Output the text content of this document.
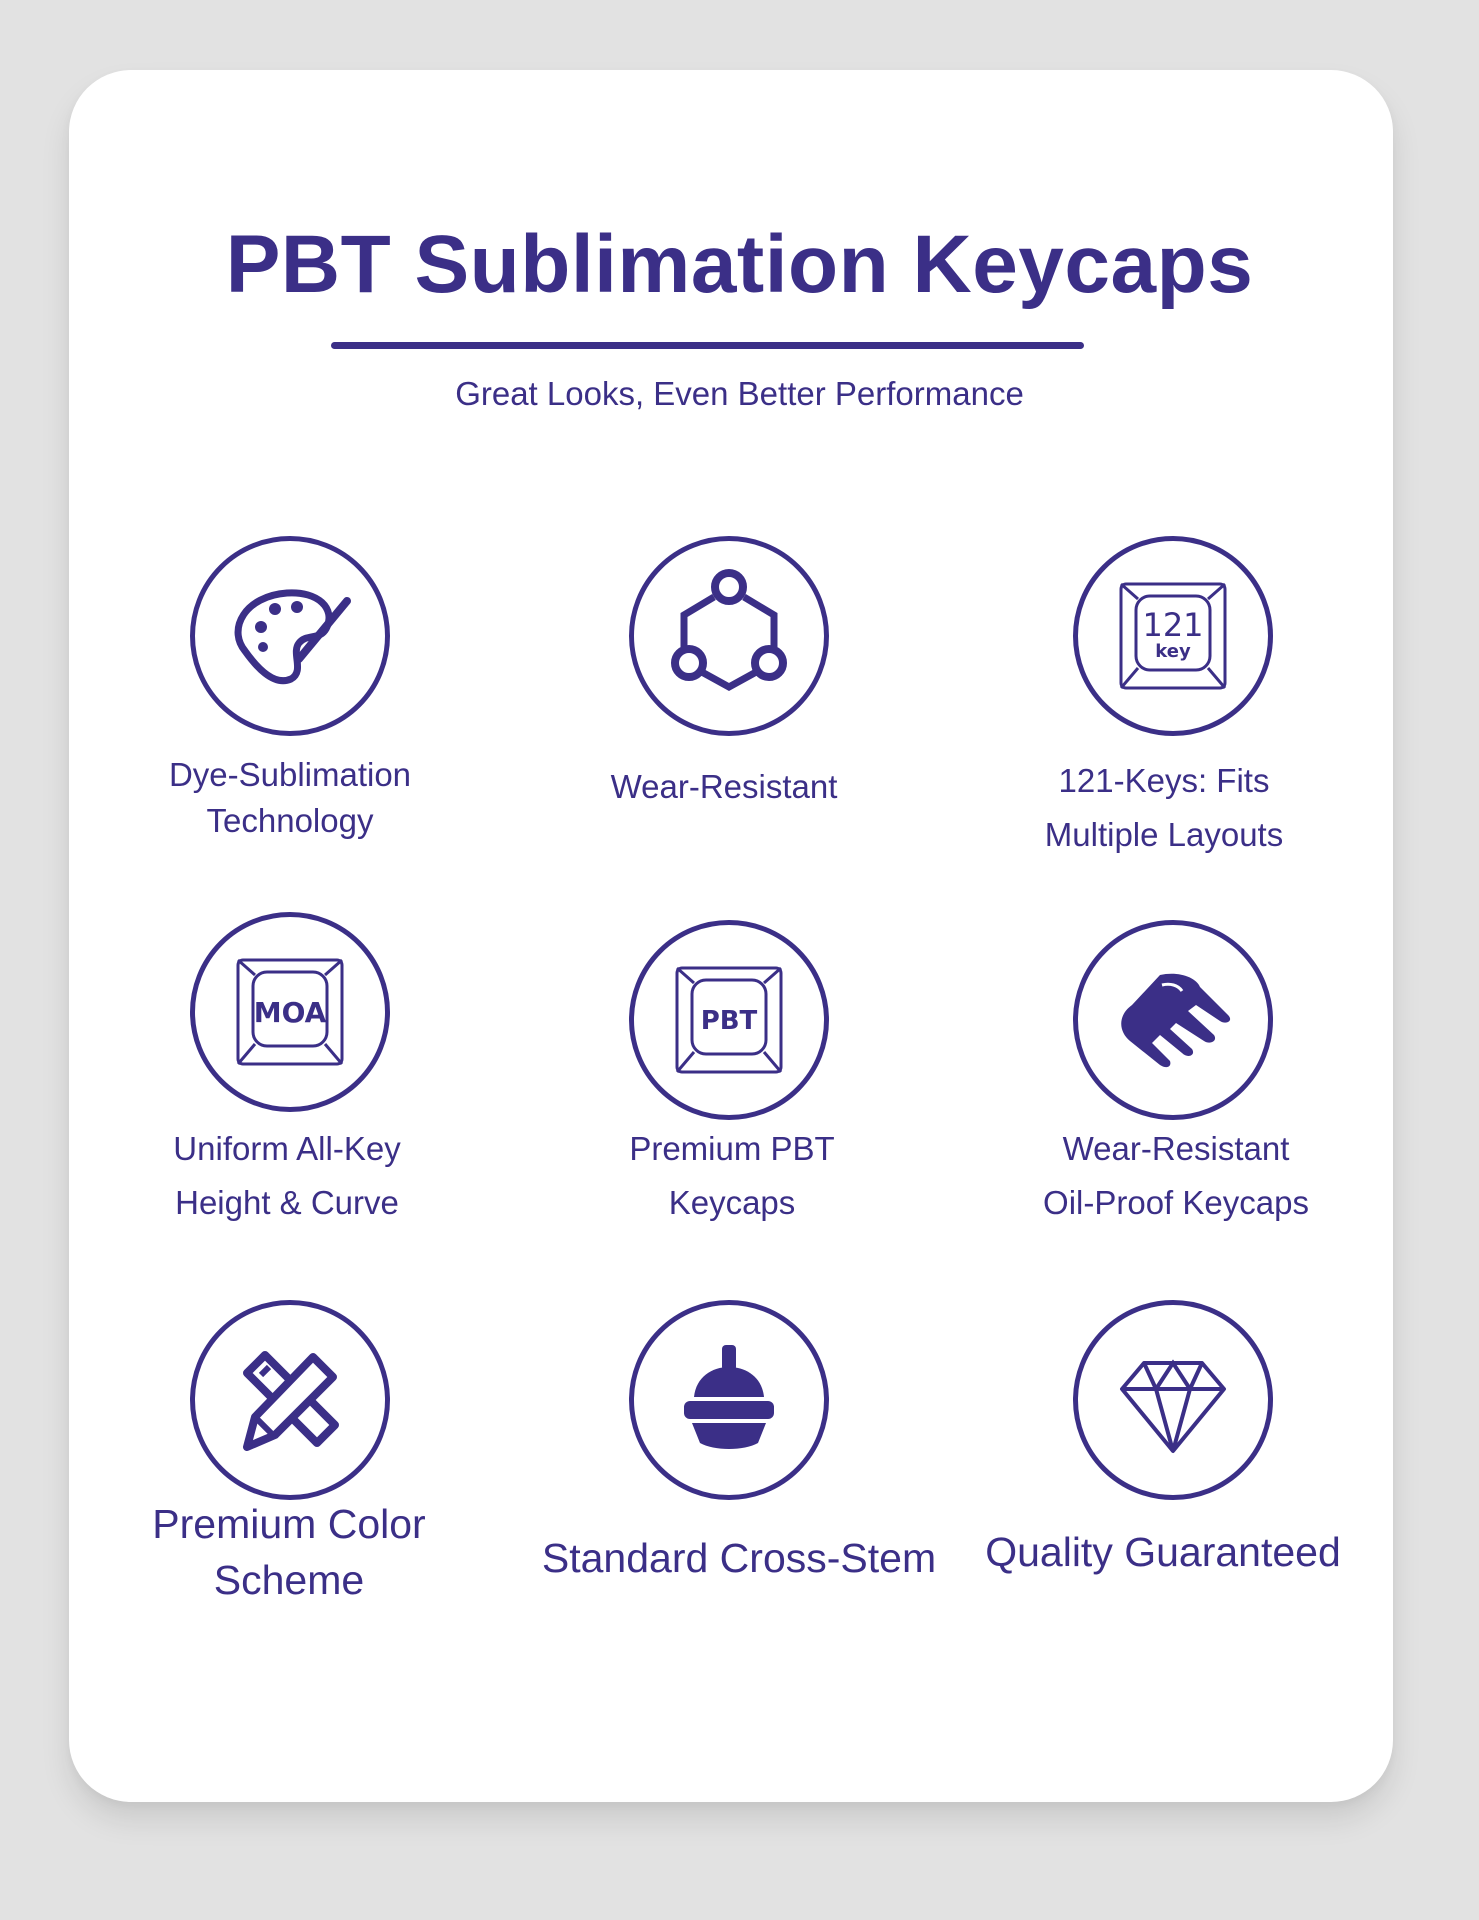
PBT Sublimation Keycaps
Great Looks, Even Better Performance
Dye-Sublimation
Technology
Wear-Resistant
121
key
121-Keys: Fits
Multiple Layouts
MOA
Uniform All-Key
Height & Curve
PBT
Premium PBT
Keycaps
Wear-Resistant
Oil-Proof Keycaps
Premium Color
Scheme	Standard Cross-Stem	Quality Guaranteed
